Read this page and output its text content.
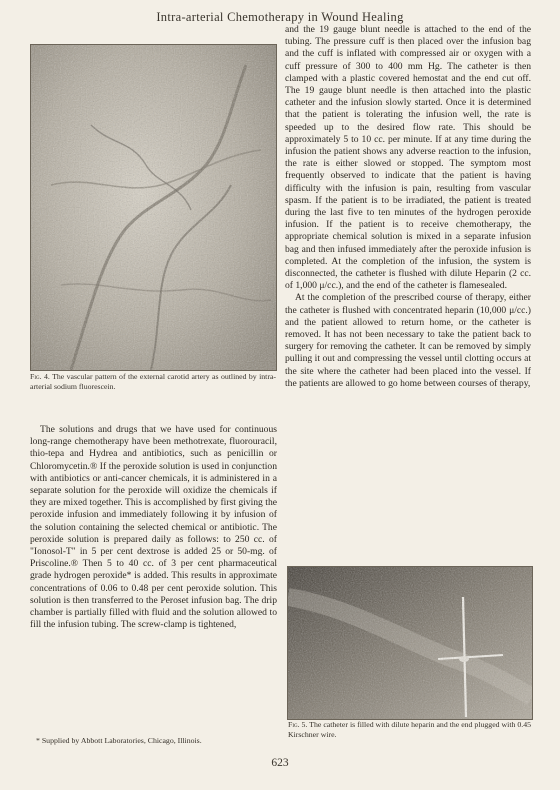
Intra-arterial Chemotherapy in Wound Healing
Fig. 4. The vascular pattern of the external carotid artery as outlined by intra-arterial sodium fluorescein.

The solutions and drugs that we have used for continuous long-range chemotherapy have been methotrexate, fluorouracil, thio-tepa and Hydrea and antibiotics, such as penicillin or Chloromycetin.® If the peroxide solution is used in conjunction with antibiotics or anti-cancer chemicals, it is administered in a separate solution for the peroxide will oxidize the chemicals if they are mixed together. This is accomplished by first giving the peroxide infusion and immediately following it by infusion of the solution containing the selected chemical or antibiotic. The peroxide solution is prepared daily as follows: to 250 cc. of "Ionosol-T" in 5 per cent dextrose is added 25 or 50-mg. of Priscoline.® Then 5 to 40 cc. of 3 per cent pharmaceutical grade hydrogen peroxide* is added. This results in approximate concentrations of 0.06 to 0.48 per cent peroxide solution. This solution is then transferred to the Peroset infusion bag. The drip chamber is partially filled with fluid and the solution allowed to fill the infusion tubing. The screw-clamp is tightened,

* Supplied by Abbott Laboratories, Chicago, Illinois.

and the 19 gauge blunt needle is attached to the end of the tubing. The pressure cuff is then placed over the infusion bag and the cuff is inflated with compressed air or oxygen with a cuff pressure of 300 to 400 mm Hg. The catheter is then clamped with a plastic covered hemostat and the end cut off. The 19 gauge blunt needle is then attached into the plastic catheter and the infusion slowly started. Once it is determined that the patient is tolerating the infusion well, the rate is speeded up to the desired flow rate. This should be approximately 5 to 10 cc. per minute. If at any time during the infusion the patient shows any adverse reaction to the infusion, the rate is either slowed or stopped. The symptom most frequently observed to indicate that the patient is having difficulty with the infusion is pain, resulting from vascular spasm. If the patient is to be irradiated, the patient is treated during the last five to ten minutes of the hydrogen peroxide infusion. If the patient is to receive chemotherapy, the appropriate chemical solution is mixed in a separate infusion bag and then infused immediately after the peroxide infusion is completed. At the completion of the infusion, the system is disconnected, the catheter is flushed with dilute Heparin (2 cc. of 1,000 μ/cc.), and the end of the catheter is flamesealed.

At the completion of the prescribed course of therapy, either the catheter is flushed with concentrated heparin (10,000 μ/cc.) and the patient allowed to return home, or the catheter is removed. It has not been necessary to take the patient back to surgery for removing the catheter. It can be removed by simply pulling it out and compressing the vessel until clotting occurs at the site where the catheter had been placed into the vessel. If the patients are allowed to go home between courses of therapy,

Fig. 5. The catheter is filled with dilute heparin and the end plugged with 0.45 Kirschner wire.
623
